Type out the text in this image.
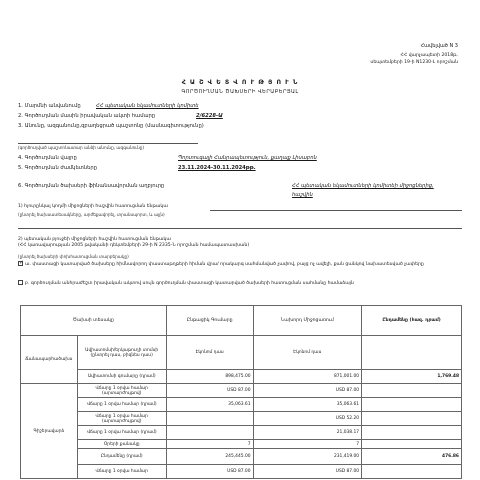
Հավելված N 3
ՀՀ վարչապետի 2018թ.
սեպտեմբերի 19-ի N1230-Լ որոշման
Հ Ա Շ Վ Ե Տ Վ Ո Ւ Թ Յ Ո Ւ Ն
ԳՈՐԾՈՒՂՄԱՆ ԾԱԽՍԵՐԻ ՎԵՐԱԲԵՐՅԱԼ
1. Մարմնի անվանումը	ՀՀ պետական եկամուտների կոմիտե
2. Գործուղման մասին իրավական ակտի համարը	2/6228-Ա
3. Անունը, ազգանունը,զբաղեցրած պաշտոնը (մասնագիտությունը)
(գործուղված պաշտոնատար անձի անունը, ազգանունը)
4. Գործուղման վայրը	Պորտուգալի Հանրապետություն, քաղաք Լիսաբոն
5. Գործուղման ժամկետները	23.11.2024-30.11.2024թթ.
6. Գործուղման ծախսերի ֆինանսավորման աղբյուրը	ՀՀ պետական եկամուտների կոմիտեի միջոցներից,
հաշվին
1) հյուրընկալ կողմի միջոցների հաշվին հատուցման ենթակա
(ընտրել ծախսատեսակները, արժեքավորել, տրանսպորտ, և այլն)
2) պետական բյուջեի միջոցների հաշվին հատուցման ենթակա
(ՀՀ կառավարության 2005 թվականի դեկտեմբերի 29-ի N 2335-Ն որոշման համապատասխան)
(ընտրել ծախսերի փոխհատուցման տարբերակը)
✓ա. փաստացի կատարված ծախսերը հիմնավորող փաստաթղթերի հիման վրա/ որակարգ սահմանված չափով, բայց ոչ ավելի, քան ցանկով նախատեսված չափերը
բ. գործուղման անհրաժեշտ իրավական ակտով սույն գործուղման փաստացի կատարված ծախսերի հատուցման սահմանը համաձայն
Ծախսի տեսակը		Ընթացիկ Գումարը	Նախորդ Միջոցառում	Ընդամենը (հազ. դրամ)
Ճանապարհածախս	Ավիատոմսի/երկաթուղի տոմսի (ընտրել դաս, բիզնես դաս)	Էկոնոմ դաս	Էկոնոմ դաս	
	Ավիատոմսի գումարը (դրամ)	898,475.00	871,001.00	1,769.48
Գիշերավարձ	Վճարը 1 օրվա համար (արտարժույթով)	USD 87.00	USD 87.00	
	Վճարը 1 օրվա համար (դրամ)	35,063.61	35,063.61	
	Վճարը 1 օրվա համար (արտարժույթով)		USD 52.20	
	Վճարը 1 օրվա համար (դրամ)		21,038.17	
	Օրերի քանակը	7	7	
	Ընդամենը (դրամ)	245,445.00	231,419.00	476.86
	Վճարը 1 օրվա համար	USD 87.00	USD 87.00	
